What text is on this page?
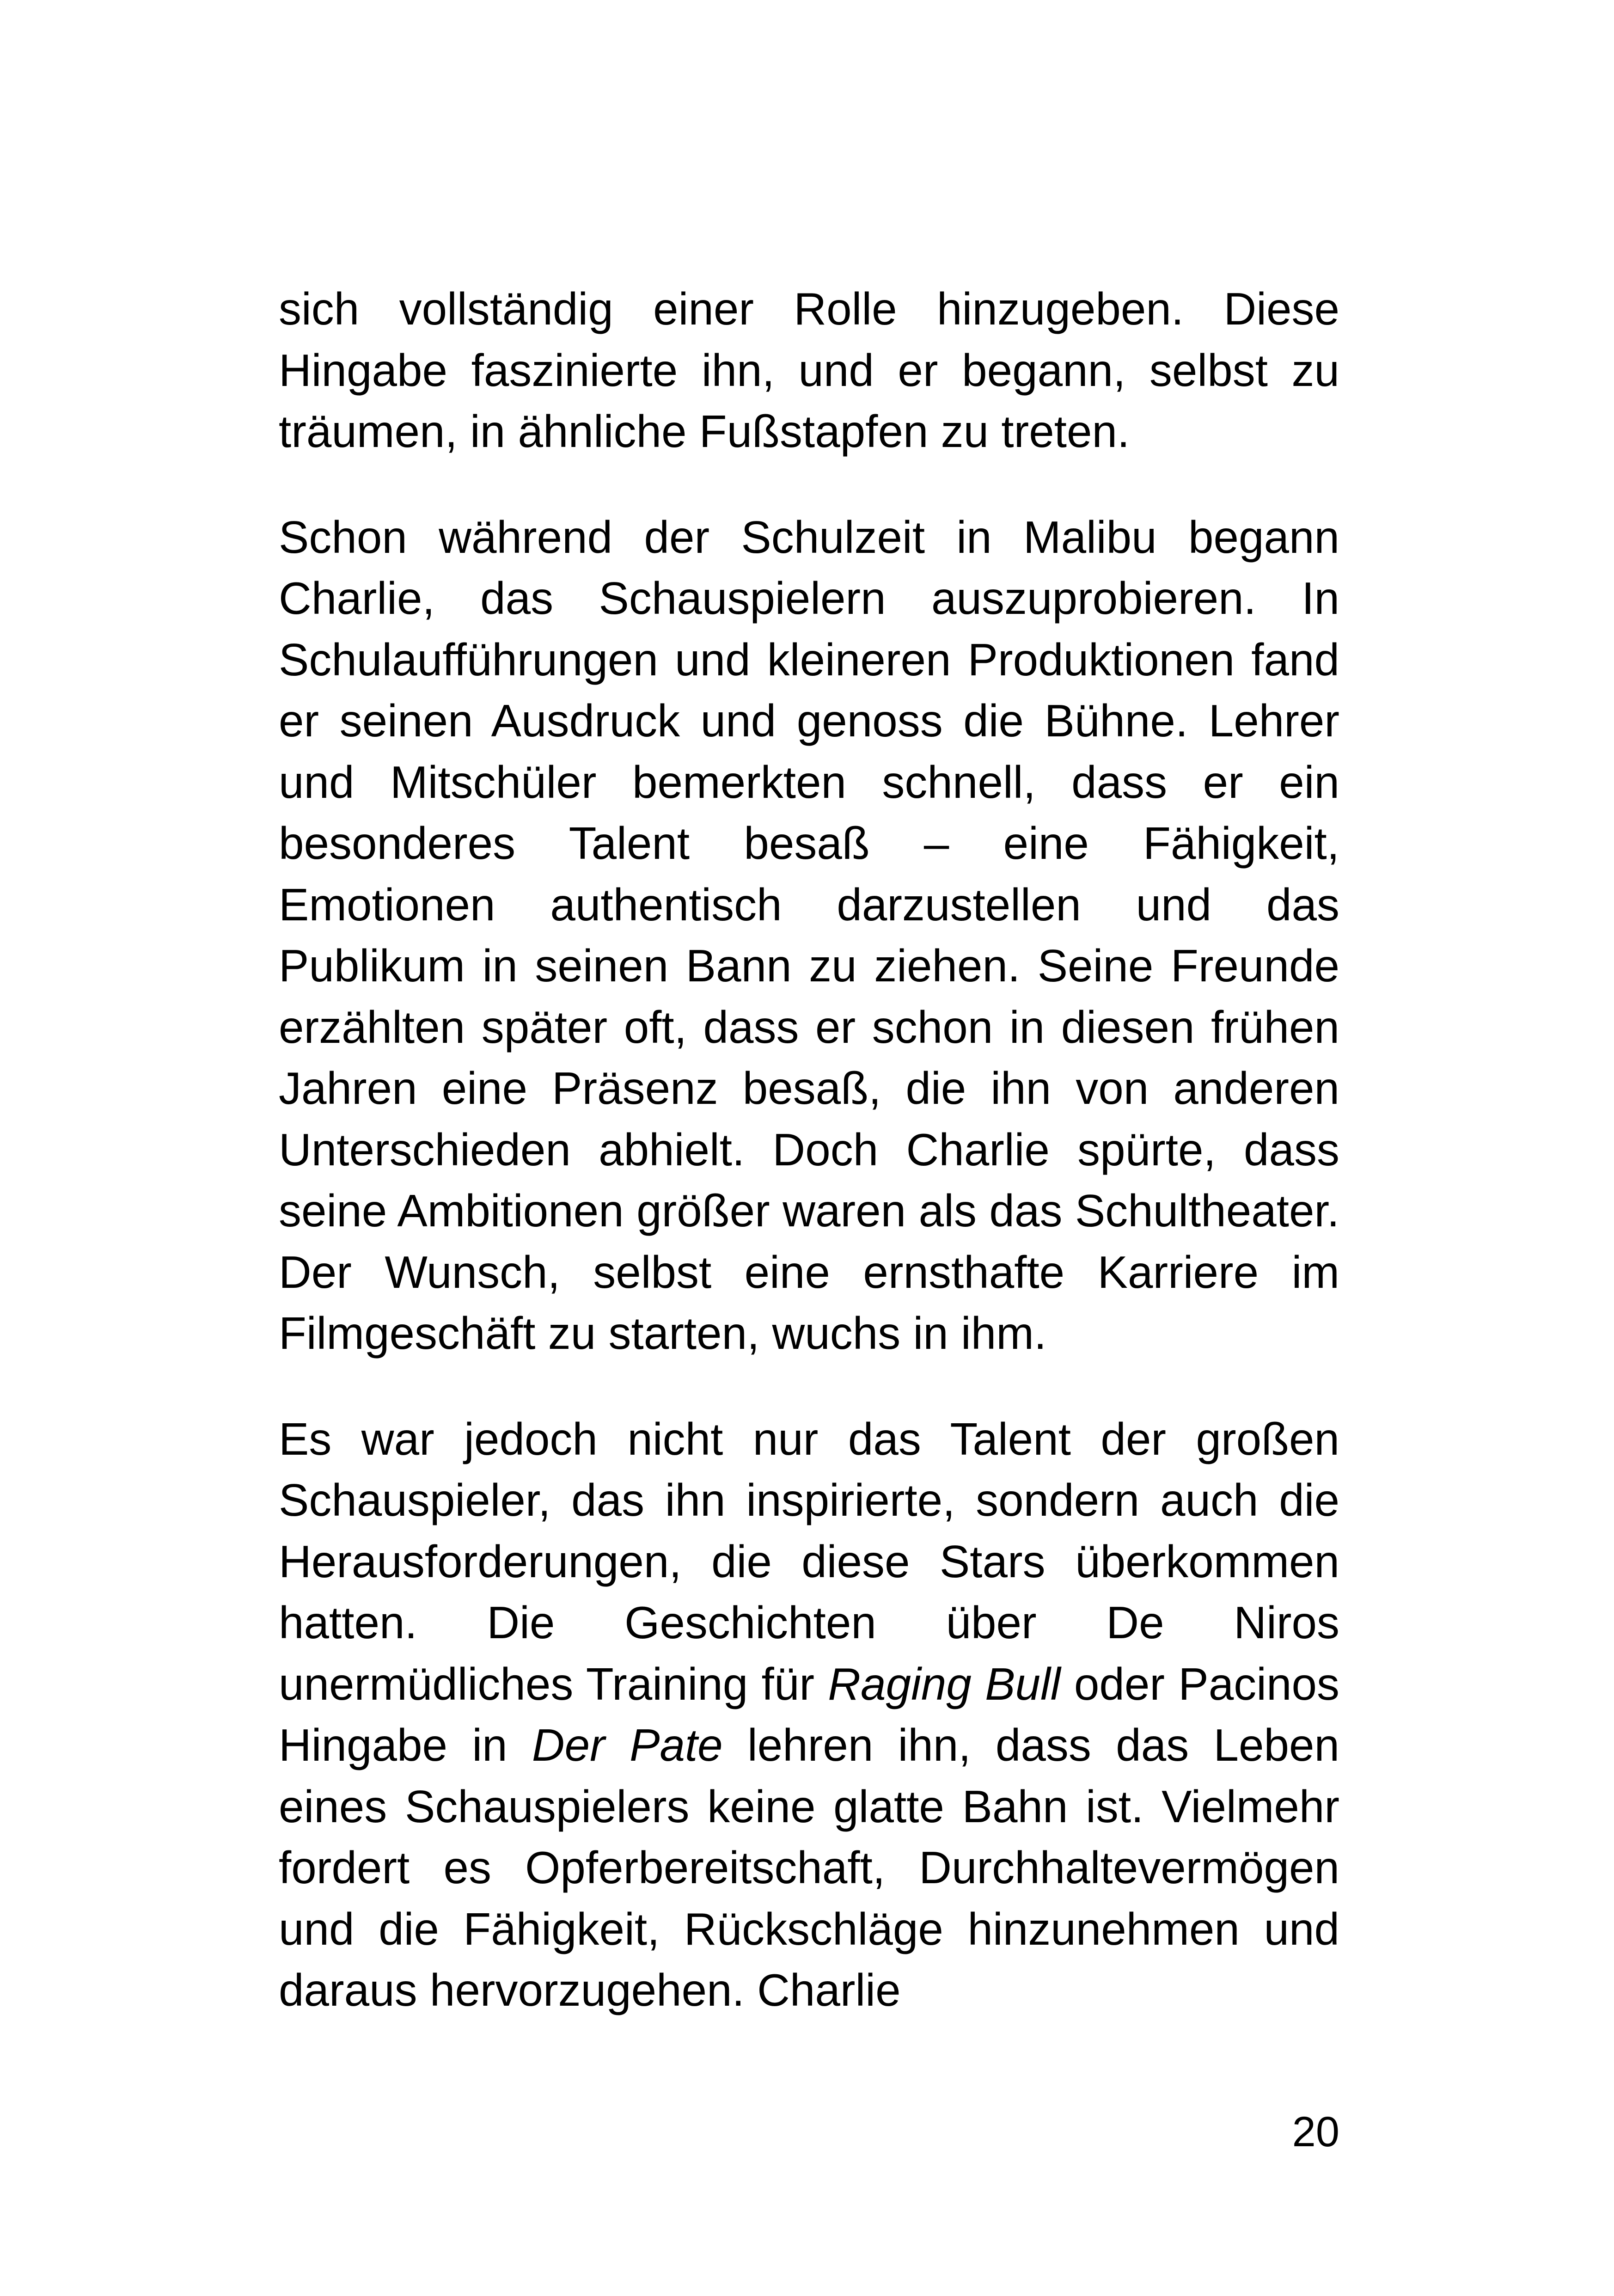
sich vollständig einer Rolle hinzugeben. Diese Hingabe faszinierte ihn, und er begann, selbst zu träumen, in ähnliche Fußstapfen zu treten.

Schon während der Schulzeit in Malibu begann Charlie, das Schauspielern auszuprobieren. In Schulaufführungen und kleineren Produktionen fand er seinen Ausdruck und genoss die Bühne. Lehrer und Mitschüler bemerkten schnell, dass er ein besonderes Talent besaß – eine Fähigkeit, Emotionen authentisch darzustellen und das Publikum in seinen Bann zu ziehen. Seine Freunde erzählten später oft, dass er schon in diesen frühen Jahren eine Präsenz besaß, die ihn von anderen Unterschieden abhielt. Doch Charlie spürte, dass seine Ambitionen größer waren als das Schultheater. Der Wunsch, selbst eine ernsthafte Karriere im Filmgeschäft zu starten, wuchs in ihm.

Es war jedoch nicht nur das Talent der großen Schauspieler, das ihn inspirierte, sondern auch die Herausforderungen, die diese Stars überkommen hatten. Die Geschichten über De Niros unermüdliches Training für Raging Bull oder Pacinos Hingabe in Der Pate lehren ihn, dass das Leben eines Schauspielers keine glatte Bahn ist. Vielmehr fordert es Opferbereitschaft, Durchhaltevermögen und die Fähigkeit, Rückschläge hinzunehmen und daraus hervorzugehen. Charlie

20
